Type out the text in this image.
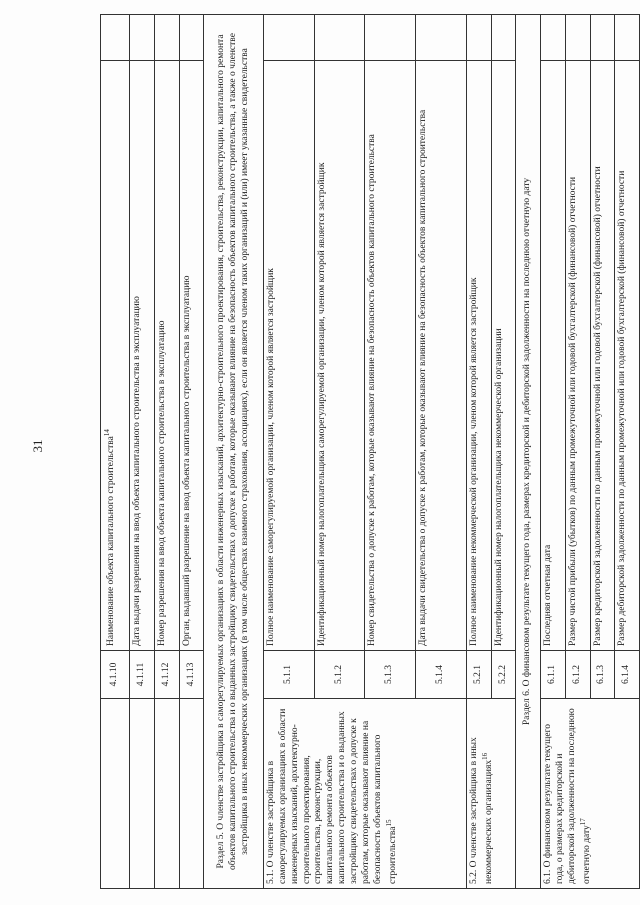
31
	4.1.10	Наименование объекта капитального строительства$^{14}$	
	4.1.11	Дата выдачи разрешения на ввод объекта капитального строительства в эксплуатацию	
	4.1.12	Номер разрешения на ввод объекта капитального строительства в эксплуатацию	
	4.1.13	Орган, выдавший разрешение на ввод объекта капитального строительства в эксплуатацию	
Раздел 5. О членстве застройщика в саморегулируемых организациях в области инженерных изысканий, архитектурно-строительного проектирования, строительства, реконструкции, капитального ремонта объектов капитального строительства и о выданных застройщику свидетельствах о допуске к работам, которые оказывают влияние на безопасность объектов капитального строительства, а также о членстве застройщика в иных некоммерческих организациях (в том числе обществах взаимного страхования, ассоциациях), если он является членом таких организаций и (или) имеет указанные свидетельства			
5.1. О членстве застройщика в саморегулируемых организациях в области инженерных изысканий, архитектурно-строительного проектирования, строительства, реконструкции, капитального ремонта объектов капитального строительства и о выданных застройщику свидетельствах о допуске к работам, которые оказывают влияние на безопасность объектов капитального строительства$^{15}$	5.1.1	Полное наименование саморегулируемой организации, членом которой является застройщик	
	5.1.2	Идентификационный номер налогоплательщика саморегулируемой организации, членом которой является застройщик	
	5.1.3	Номер свидетельства о допуске к работам, которые оказывают влияние на безопасность объектов капитального строительства	
	5.1.4	Дата выдачи свидетельства о допуске к работам, которые оказывают влияние на безопасность объектов капитального строительства	
5.2. О членстве застройщика в иных некоммерческих организациях$^{16}$	5.2.1	Полное наименование некоммерческой организации, членом которой является застройщик	
	5.2.2	Идентификационный номер налогоплательщика некоммерческой организации	
Раздел 6. О финансовом результате текущего года, размерах кредиторской и дебиторской задолженности на последнюю отчетную дату			
6.1. О финансовом результате текущего года, о размерах кредиторской и дебиторской задолженности на последнюю отчетную дату$^{17}$	6.1.1	Последняя отчетная дата	
	6.1.2	Размер чистой прибыли (убытков) по данным промежуточной или годовой бухгалтерской (финансовой) отчетности	
	6.1.3	Размер кредиторской задолженности по данным промежуточной или годовой бухгалтерской (финансовой) отчетности	
	6.1.4	Размер дебиторской задолженности по данным промежуточной или годовой бухгалтерской (финансовой) отчетности	
